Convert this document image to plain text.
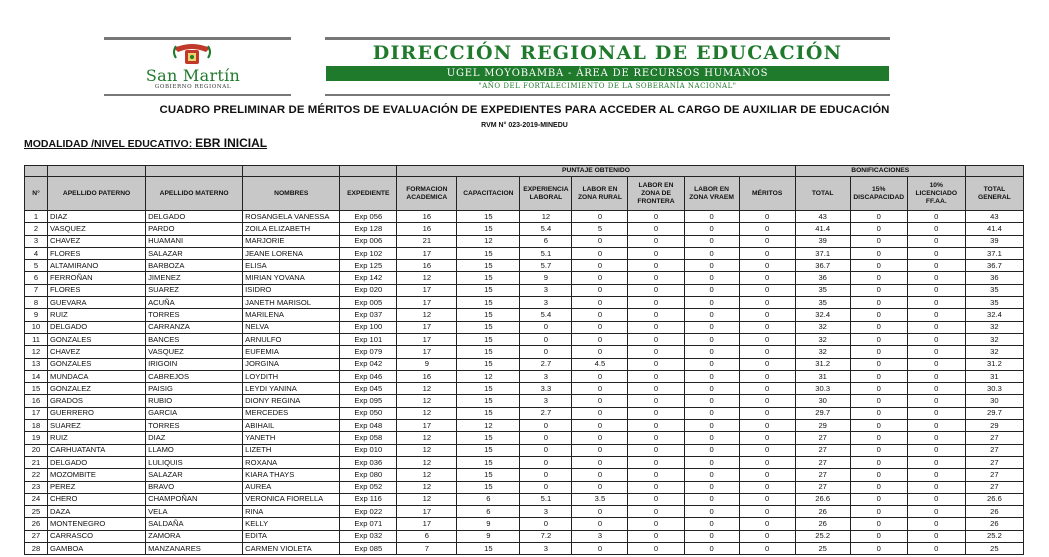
San Martín
GOBIERNO REGIONAL
DIRECCIÓN REGIONAL DE EDUCACIÓN
UGEL MOYOBAMBA - ÁREA DE RECURSOS HUMANOS
"AÑO DEL FORTALECIMIENTO DE LA SOBERANÍA NACIONAL"
CUADRO PRELIMINAR DE MÉRITOS DE EVALUACIÓN DE EXPEDIENTES PARA ACCEDER AL CARGO DE AUXILIAR DE EDUCACIÓN
RVM N° 023-2019-MINEDU
MODALIDAD /NIVEL EDUCATIVO: EBR INICIAL
					PUNTAJE OBTENIDO							BONIFICACIONES			
N°	APELLIDO PATERNO	APELLIDO MATERNO	NOMBRES	EXPEDIENTE	FORMACION ACADEMICA	CAPACITACION	EXPERIENCIA LABORAL	LABOR EN ZONA RURAL	LABOR EN ZONA DE FRONTERA	LABOR EN ZONA VRAEM	MÉRITOS	TOTAL	15% DISCAPACIDAD	10% LICENCIADO FF.AA.	TOTAL GENERAL
1	DIAZ	DELGADO	ROSANGELA VANESSA	Exp 056	16	15	12	0	0	0	0	43	0	0	43
2	VASQUEZ	PARDO	ZOILA ELIZABETH	Exp 128	16	15	5.4	5	0	0	0	41.4	0	0	41.4
3	CHAVEZ	HUAMANI	MARJORIE	Exp 006	21	12	6	0	0	0	0	39	0	0	39
4	FLORES	SALAZAR	JEANE LORENA	Exp 102	17	15	5.1	0	0	0	0	37.1	0	0	37.1
5	ALTAMIRANO	BARBOZA	ELISA	Exp 125	16	15	5.7	0	0	0	0	36.7	0	0	36.7
6	FERROÑAN	JIMENEZ	MIRIAN YOVANA	Exp 142	12	15	9	0	0	0	0	36	0	0	36
7	FLORES	SUAREZ	ISIDRO	Exp 020	17	15	3	0	0	0	0	35	0	0	35
8	GUEVARA	ACUÑA	JANETH MARISOL	Exp 005	17	15	3	0	0	0	0	35	0	0	35
9	RUIZ	TORRES	MARILENA	Exp 037	12	15	5.4	0	0	0	0	32.4	0	0	32.4
10	DELGADO	CARRANZA	NELVA	Exp 100	17	15	0	0	0	0	0	32	0	0	32
11	GONZALES	BANCES	ARNULFO	Exp 101	17	15	0	0	0	0	0	32	0	0	32
12	CHAVEZ	VASQUEZ	EUFEMIA	Exp 079	17	15	0	0	0	0	0	32	0	0	32
13	GONZALES	IRIGOIN	JORGINA	Exp 042	9	15	2.7	4.5	0	0	0	31.2	0	0	31.2
14	MUNDACA	CABREJOS	LOYDITH	Exp 046	16	12	3	0	0	0	0	31	0	0	31
15	GONZALEZ	PAISIG	LEYDI YANINA	Exp 045	12	15	3.3	0	0	0	0	30.3	0	0	30.3
16	GRADOS	RUBIO	DIONY REGINA	Exp 095	12	15	3	0	0	0	0	30	0	0	30
17	GUERRERO	GARCIA	MERCEDES	Exp 050	12	15	2.7	0	0	0	0	29.7	0	0	29.7
18	SUAREZ	TORRES	ABIHAIL	Exp 048	17	12	0	0	0	0	0	29	0	0	29
19	RUIZ	DIAZ	YANETH	Exp 058	12	15	0	0	0	0	0	27	0	0	27
20	CARHUATANTA	LLAMO	LIZETH	Exp 010	12	15	0	0	0	0	0	27	0	0	27
21	DELGADO	LULIQUIS	ROXANA	Exp 036	12	15	0	0	0	0	0	27	0	0	27
22	MOZOMBITE	SALAZAR	KIARA THAYS	Exp 080	12	15	0	0	0	0	0	27	0	0	27
23	PEREZ	BRAVO	AUREA	Exp 052	12	15	0	0	0	0	0	27	0	0	27
24	CHERO	CHAMPOÑAN	VERONICA FIORELLA	Exp 116	12	6	5.1	3.5	0	0	0	26.6	0	0	26.6
25	DAZA	VELA	RINA	Exp 022	17	6	3	0	0	0	0	26	0	0	26
26	MONTENEGRO	SALDAÑA	KELLY	Exp 071	17	9	0	0	0	0	0	26	0	0	26
27	CARRASCO	ZAMORA	EDITA	Exp 032	6	9	7.2	3	0	0	0	25.2	0	0	25.2
28	GAMBOA	MANZANARES	CARMEN VIOLETA	Exp 085	7	15	3	0	0	0	0	25	0	0	25
